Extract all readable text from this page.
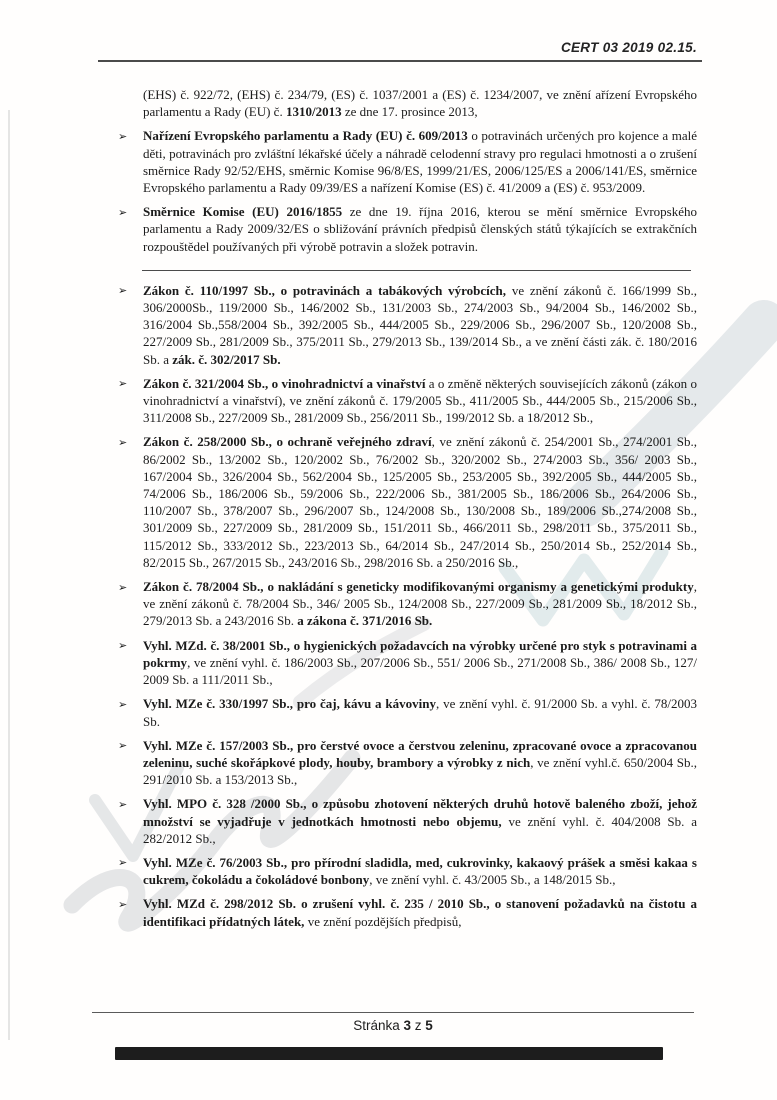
CERT 03 2019 02.15.
(EHS) č. 922/72, (EHS) č. 234/79, (ES) č. 1037/2001 a (ES) č. 1234/2007, ve znění ařízení Evropského parlamentu a Rady (EU) č. 1310/2013 ze dne 17. prosince 2013,
➢ Nařízení Evropského parlamentu a Rady (EU) č. 609/2013 o potravinách určených pro kojence a malé děti, potravinách pro zvláštní lékařské účely a náhradě celodenní stravy pro regulaci hmotnosti a o zrušení směrnice Rady 92/52/EHS, směrnic Komise 96/8/ES, 1999/21/ES, 2006/125/ES a 2006/141/ES, směrnice Evropského parlamentu a Rady 09/39/ES a nařízení Komise (ES) č. 41/2009 a (ES) č. 953/2009.
➢ Směrnice Komise (EU) 2016/1855 ze dne 19. října 2016, kterou se mění směrnice Evropského parlamentu a Rady 2009/32/ES o sbližování právních předpisů členských států týkajících se extrakčních rozpouštědel používaných při výrobě potravin a složek potravin.
➢ Zákon č. 110/1997 Sb., o potravinách a tabákových výrobcích, ve znění zákonů č. 166/1999 Sb., 306/2000Sb., 119/2000 Sb., 146/2002 Sb., 131/2003 Sb., 274/2003 Sb., 94/2004 Sb., 146/2002 Sb., 316/2004 Sb.,558/2004 Sb., 392/2005 Sb., 444/2005 Sb., 229/2006 Sb., 296/2007 Sb., 120/2008 Sb., 227/2009 Sb., 281/2009 Sb., 375/2011 Sb., 279/2013 Sb., 139/2014 Sb., a ve znění části zák. č. 180/2016 Sb. a zák. č. 302/2017 Sb.
➢ Zákon č. 321/2004 Sb., o vinohradnictví a vinařství a o změně některých souvisejících zákonů (zákon o vinohradnictví a vinařství), ve znění zákonů č. 179/2005 Sb., 411/2005 Sb., 444/2005 Sb., 215/2006 Sb., 311/2008 Sb., 227/2009 Sb., 281/2009 Sb., 256/2011 Sb., 199/2012 Sb. a 18/2012 Sb.,
➢ Zákon č. 258/2000 Sb., o ochraně veřejného zdraví, ve znění zákonů č. 254/2001 Sb., 274/2001 Sb., 86/2002 Sb., 13/2002 Sb., 120/2002 Sb., 76/2002 Sb., 320/2002 Sb., 274/2003 Sb., 356/ 2003 Sb., 167/2004 Sb., 326/2004 Sb., 562/2004 Sb., 125/2005 Sb., 253/2005 Sb., 392/2005 Sb., 444/2005 Sb., 74/2006 Sb., 186/2006 Sb., 59/2006 Sb., 222/2006 Sb., 381/2005 Sb., 186/2006 Sb., 264/2006 Sb., 110/2007 Sb., 378/2007 Sb., 296/2007 Sb., 124/2008 Sb., 130/2008 Sb., 189/2006 Sb.,274/2008 Sb., 301/2009 Sb., 227/2009 Sb., 281/2009 Sb., 151/2011 Sb., 466/2011 Sb., 298/2011 Sb., 375/2011 Sb., 115/2012 Sb., 333/2012 Sb., 223/2013 Sb., 64/2014 Sb., 247/2014 Sb., 250/2014 Sb., 252/2014 Sb., 82/2015 Sb., 267/2015 Sb., 243/2016 Sb., 298/2016 Sb. a 250/2016 Sb.,
➢ Zákon č. 78/2004 Sb., o nakládání s geneticky modifikovanými organismy a genetickými produkty, ve znění zákonů č. 78/2004 Sb., 346/ 2005 Sb., 124/2008 Sb., 227/2009 Sb., 281/2009 Sb., 18/2012 Sb., 279/2013 Sb. a 243/2016 Sb. a zákona č. 371/2016 Sb.
➢ Vyhl. MZd. č. 38/2001 Sb., o hygienických požadavcích na výrobky určené pro styk s potravinami a pokrmy, ve znění vyhl. č. 186/2003 Sb., 207/2006 Sb., 551/ 2006 Sb., 271/2008 Sb., 386/ 2008 Sb., 127/ 2009 Sb. a 111/2011 Sb.,
➢ Vyhl. MZe č. 330/1997 Sb., pro čaj, kávu a kávoviny, ve znění vyhl. č. 91/2000 Sb. a vyhl. č. 78/2003 Sb.
➢ Vyhl. MZe č. 157/2003 Sb., pro čerstvé ovoce a čerstvou zeleninu, zpracované ovoce a zpracovanou zeleninu, suché skořápkové plody, houby, brambory a výrobky z nich, ve znění vyhl.č. 650/2004 Sb., 291/2010 Sb. a 153/2013 Sb.,
➢ Vyhl. MPO č. 328 /2000 Sb., o způsobu zhotovení některých druhů hotově baleného zboží, jehož množství se vyjadřuje v jednotkách hmotnosti nebo objemu, ve znění vyhl. č. 404/2008 Sb. a 282/2012 Sb.,
➢ Vyhl. MZe č. 76/2003 Sb., pro přírodní sladidla, med, cukrovinky, kakaový prášek a směsi kakaa s cukrem, čokoládu a čokoládové bonbony, ve znění vyhl. č. 43/2005 Sb., a 148/2015 Sb.,
➢ Vyhl. MZd č. 298/2012 Sb. o zrušení vyhl. č. 235 / 2010 Sb., o stanovení požadavků na čistotu a identifikaci přídatných látek, ve znění pozdějších předpisů,
Stránka 3 z 5
